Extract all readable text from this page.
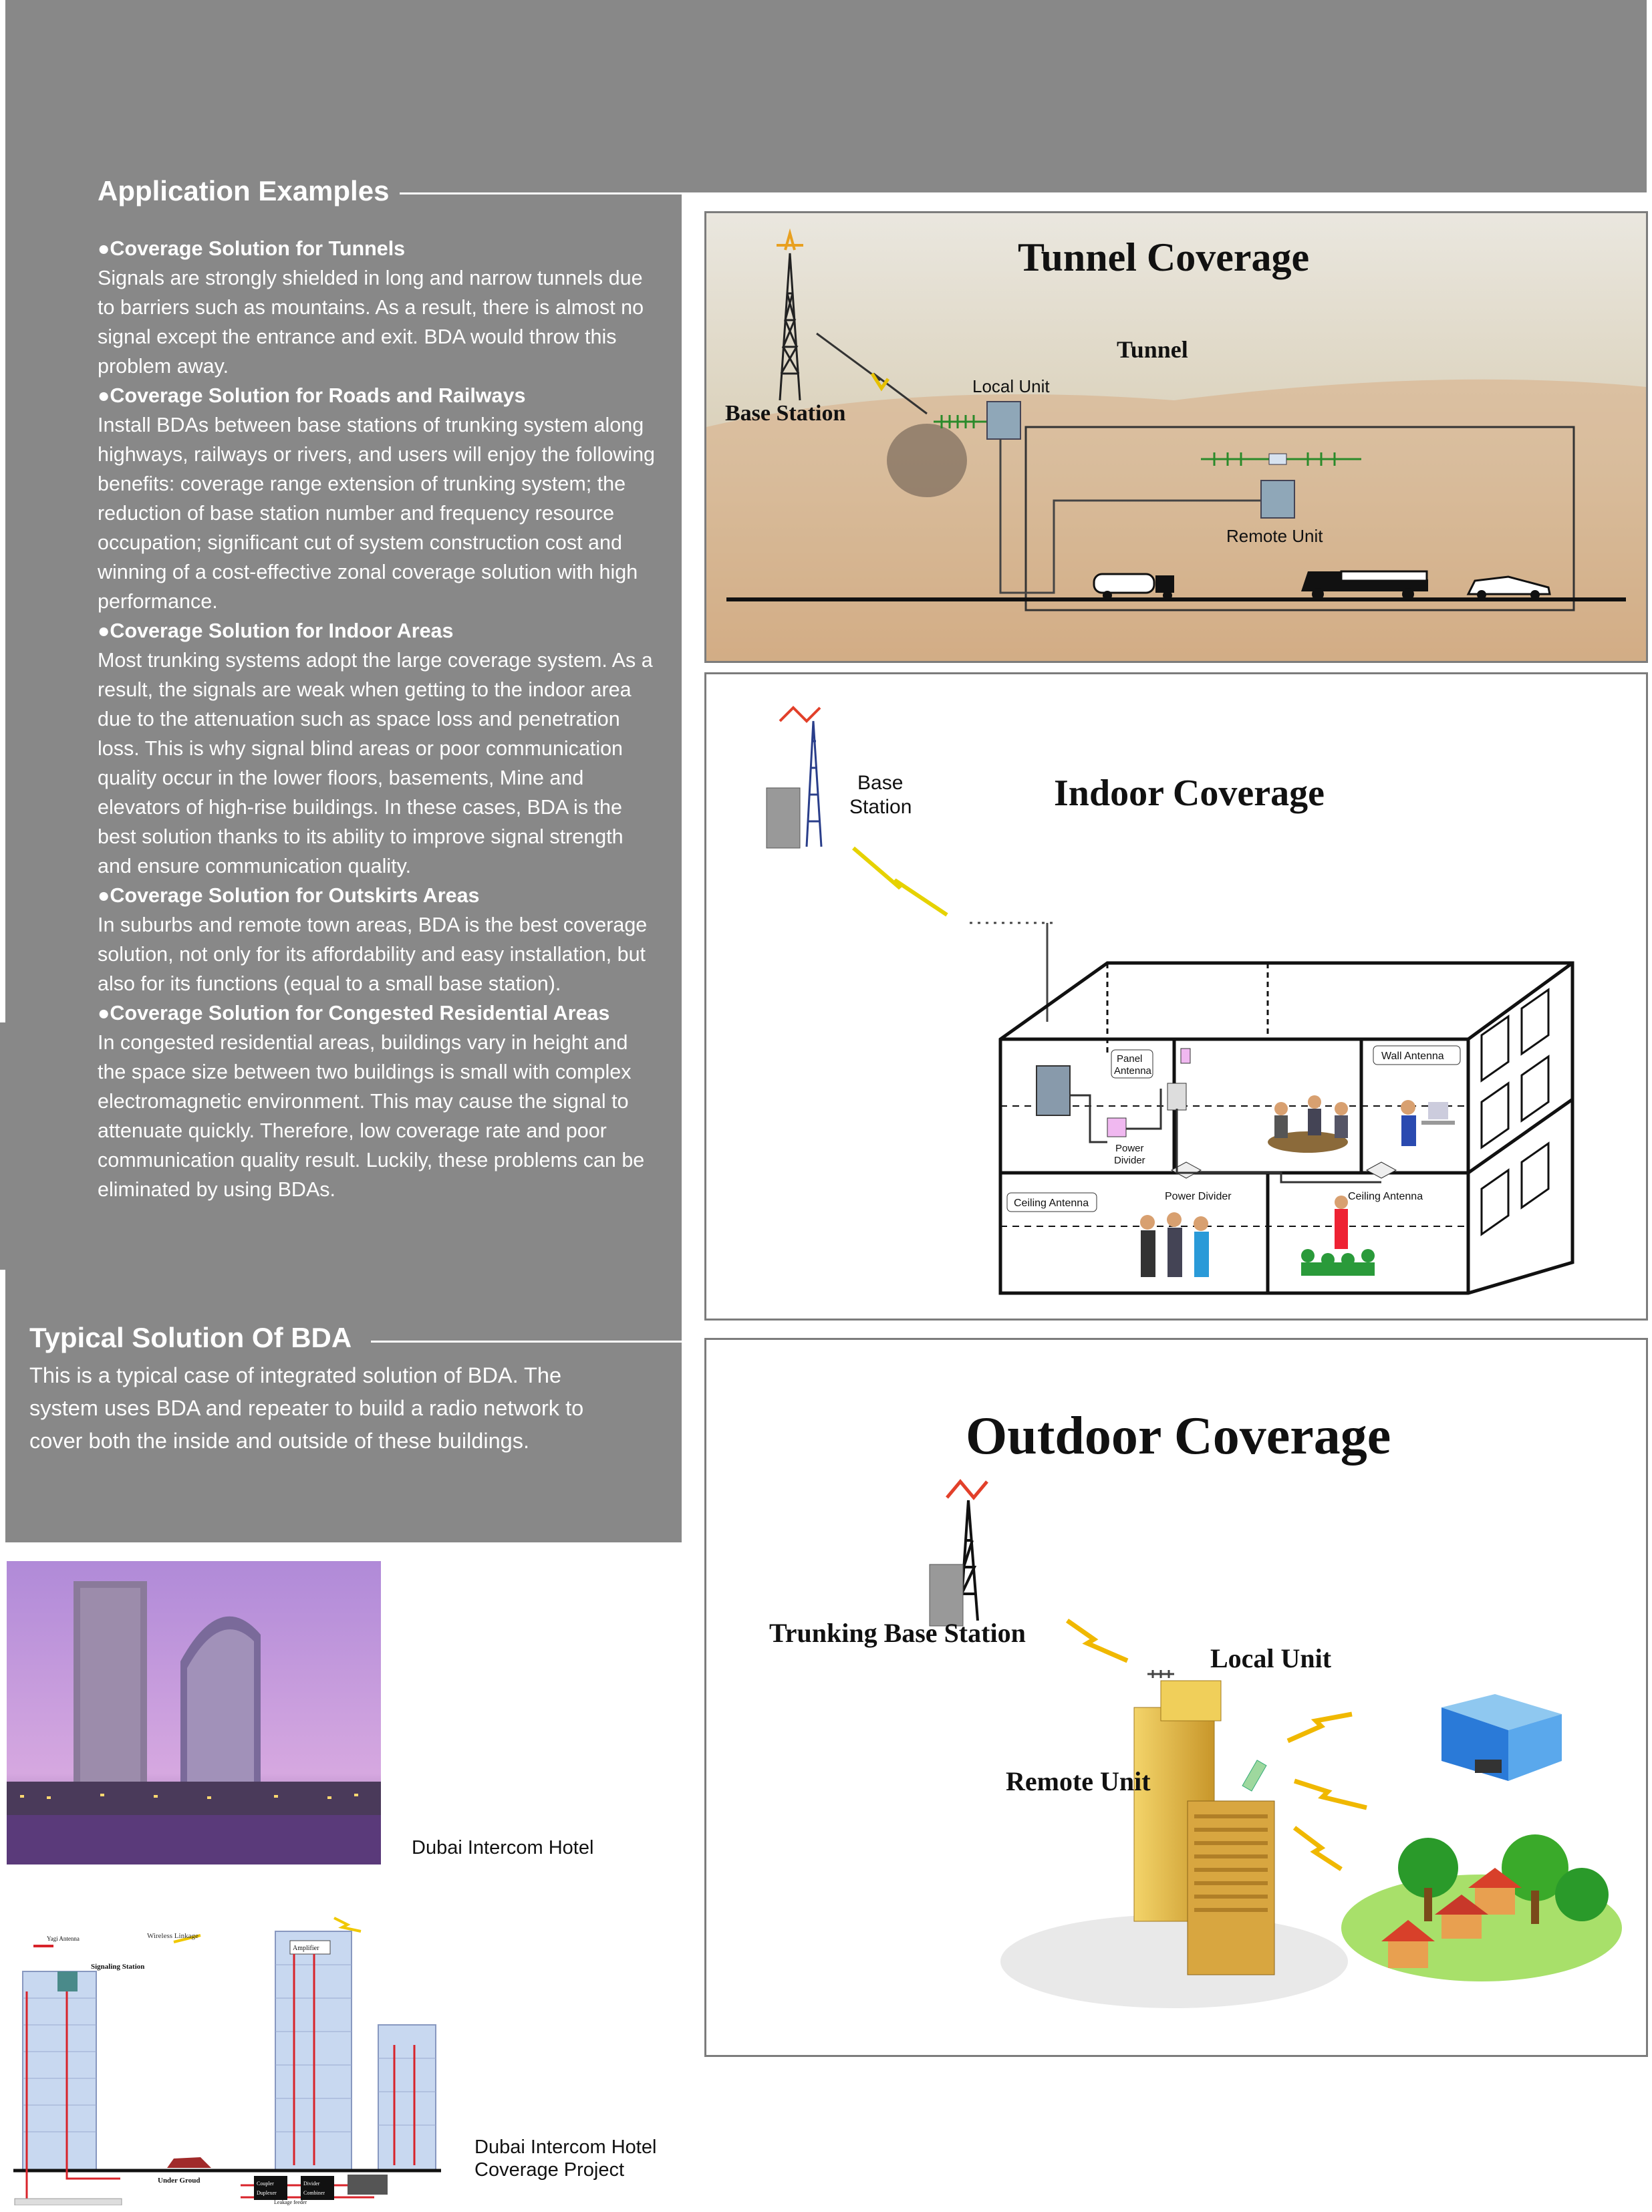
Application Examples
●Coverage Solution for Tunnels
Signals are strongly shielded in long and narrow tunnels due to barriers such as mountains. As a result, there is almost no signal except the entrance and exit. BDA would throw this problem away.
●Coverage Solution for Roads and Railways
Install BDAs between base stations of trunking system along highways, railways or rivers, and users will enjoy the following benefits: coverage range extension of trunking system; the reduction of base station number and frequency resource occupation; significant cut of system construction cost and winning of a cost-effective zonal coverage solution with high performance.
●Coverage Solution for Indoor Areas
Most trunking systems adopt the large coverage system. As a result, the signals are weak when getting to the indoor area due to the attenuation such as space loss and penetration loss. This is why signal blind areas or poor communication quality occur in the lower floors, basements, Mine and elevators of high-rise buildings. In these cases, BDA is the best solution thanks to its ability to improve signal strength and ensure communication quality.
●Coverage Solution for Outskirts Areas
In suburbs and remote town areas, BDA is the best coverage solution, not only for its affordability and easy installation, but also for its functions (equal to a small base station).
●Coverage Solution for Congested Residential Areas
In congested residential areas, buildings vary in height and the space size between two buildings is small with complex electromagnetic environment. This may cause the signal to attenuate quickly. Therefore, low coverage rate and poor communication quality result. Luckily, these problems can be eliminated by using BDAs.
Typical Solution Of BDA
This is a typical case of integrated solution of BDA. The system uses BDA and repeater to build a radio network to cover both the inside and outside of these buildings.
Tunnel Coverage
Tunnel
Base Station
Local Unit
Remote Unit
Indoor Coverage
Base
Station
Panel
Antenna
Wall Antenna
Power
Divider
Ceiling Antenna
Power Divider	Ceiling Antenna
Outdoor Coverage
Trunking Base Station
Local Unit
Remote Unit
Dubai Intercom Hotel
Yagi Antenna	Wireless Linkage
Signaling Station
Amplifier
Under Groud	Coupler
Duplexer
Divider
Combiner
Leakage feeder
Dubai Intercom Hotel
Coverage Project
